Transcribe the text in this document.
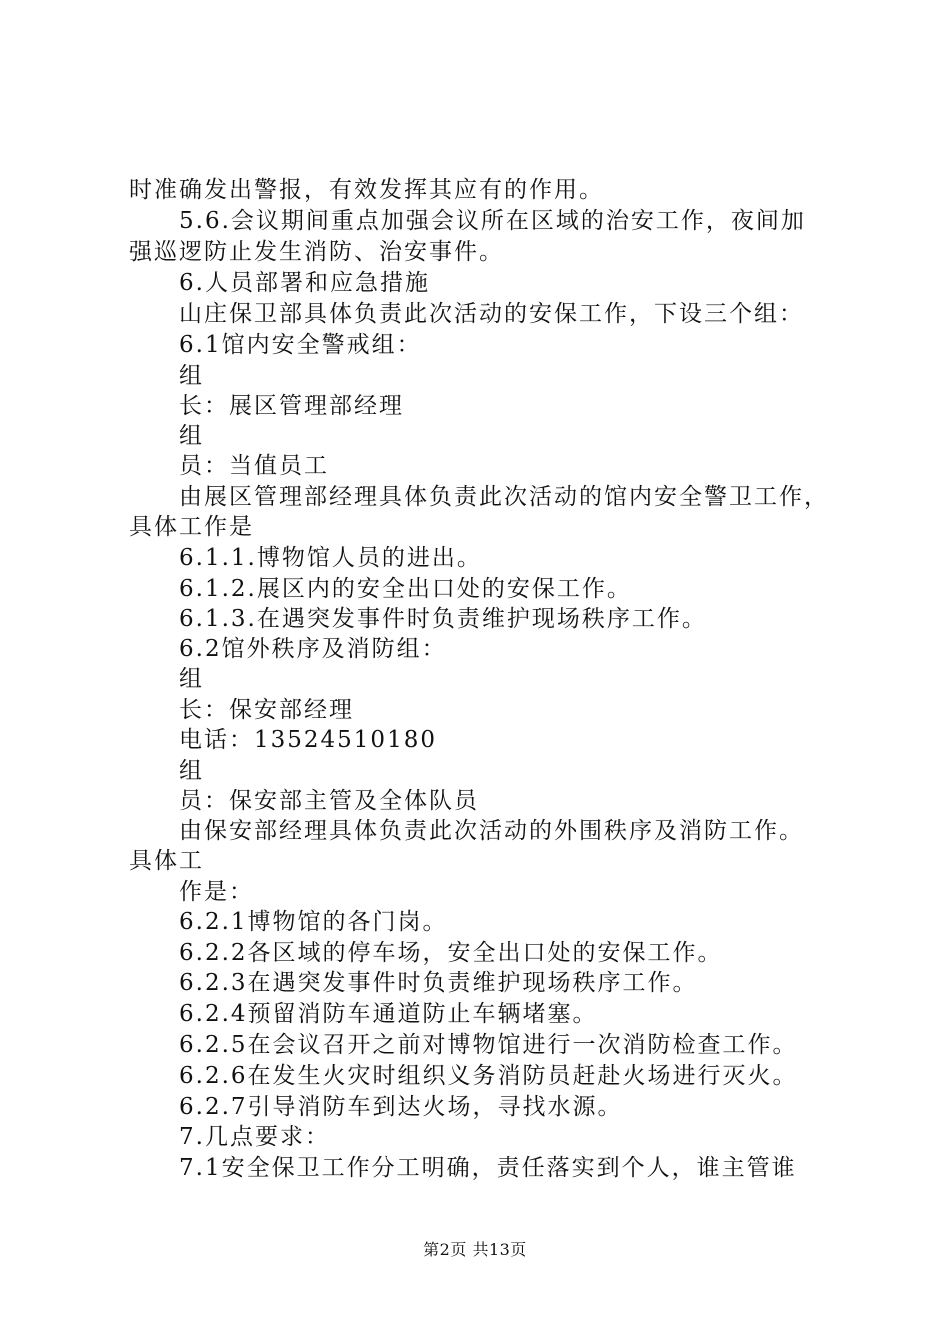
时准确发出警报，有效发挥其应有的作用。
5.6.会议期间重点加强会议所在区域的治安工作，夜间加
强巡逻防止发生消防、治安事件。
6.人员部署和应急措施
山庄保卫部具体负责此次活动的安保工作，下设三个组：
6.1馆内安全警戒组：
组
长：展区管理部经理
组
员：当值员工
由展区管理部经理具体负责此次活动的馆内安全警卫工作，
具体工作是
6.1.1.博物馆人员的进出。
6.1.2.展区内的安全出口处的安保工作。
6.1.3.在遇突发事件时负责维护现场秩序工作。
6.2馆外秩序及消防组：
组
长：保安部经理
电话：13524510180
组
员：保安部主管及全体队员
由保安部经理具体负责此次活动的外围秩序及消防工作。
具体工
作是：
6.2.1博物馆的各门岗。
6.2.2各区域的停车场，安全出口处的安保工作。
6.2.3在遇突发事件时负责维护现场秩序工作。
6.2.4预留消防车通道防止车辆堵塞。
6.2.5在会议召开之前对博物馆进行一次消防检查工作。
6.2.6在发生火灾时组织义务消防员赶赴火场进行灭火。
6.2.7引导消防车到达火场，寻找水源。
7.几点要求：
7.1安全保卫工作分工明确，责任落实到个人，谁主管谁
第2页 共13页
